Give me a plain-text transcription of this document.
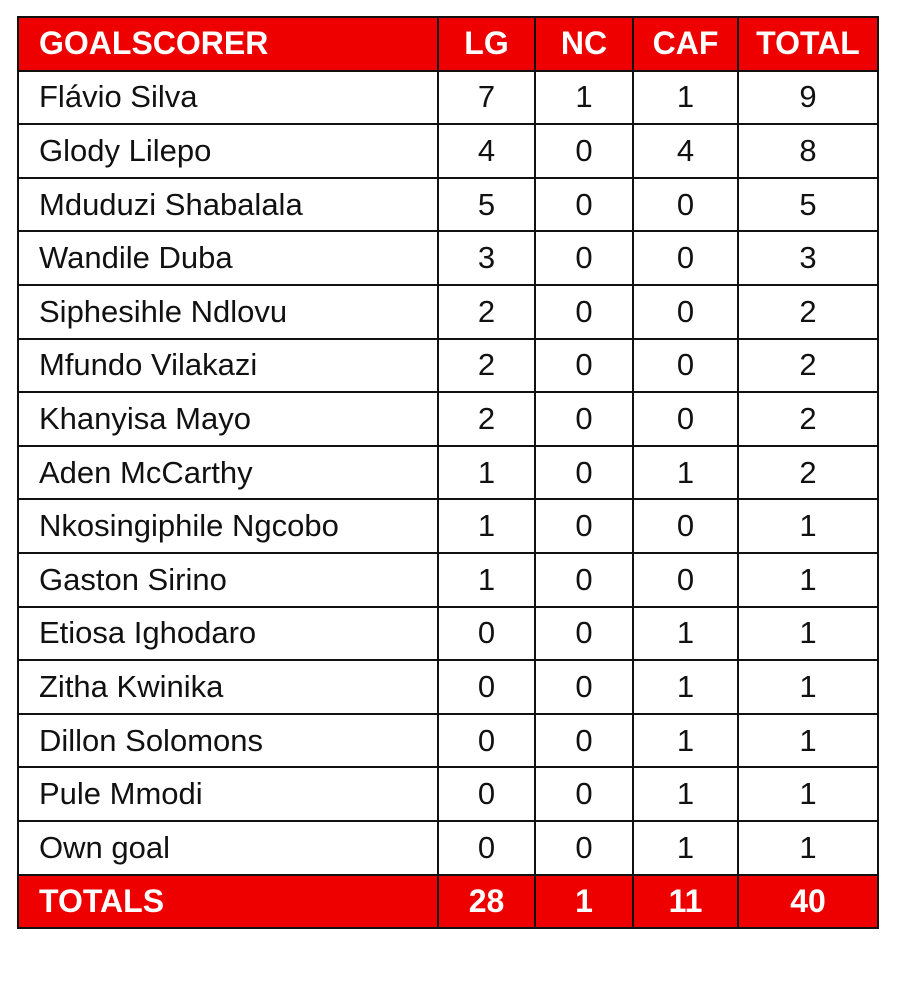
GOALSCORER	LG	NC	CAF	TOTAL
Flávio Silva	7	1	1	9
Glody Lilepo	4	0	4	8
Mduduzi Shabalala	5	0	0	5
Wandile Duba	3	0	0	3
Siphesihle Ndlovu	2	0	0	2
Mfundo Vilakazi	2	0	0	2
Khanyisa Mayo	2	0	0	2
Aden McCarthy	1	0	1	2
Nkosingiphile Ngcobo	1	0	0	1
Gaston Sirino	1	0	0	1
Etiosa Ighodaro	0	0	1	1
Zitha Kwinika	0	0	1	1
Dillon Solomons	0	0	1	1
Pule Mmodi	0	0	1	1
Own goal	0	0	1	1
TOTALS	28	1	11	40
